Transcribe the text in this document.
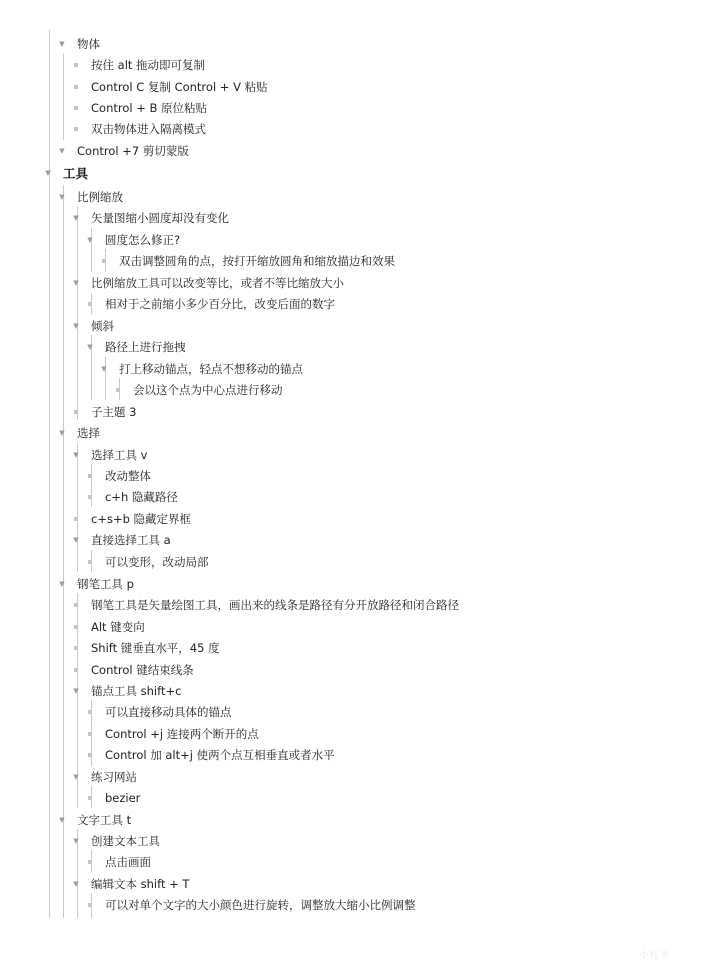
▼ 物体
按住 alt 拖动即可复制
Control C 复制 Control + V 粘贴
Control + B 原位粘贴
双击物体进入隔离模式
▼ Control +7 剪切蒙版
▼ 工具
▼ 比例缩放
▼ 矢量图缩小圆度却没有变化
▼ 圆度怎么修正?
双击调整圆角的点，按打开缩放圆角和缩放描边和效果
▼ 比例缩放工具可以改变等比，或者不等比缩放大小
相对于之前缩小多少百分比，改变后面的数字
▼ 倾斜
▼ 路径上进行拖拽
▼ 打上移动锚点，轻点不想移动的锚点
会以这个点为中心点进行移动
子主题 3
▼ 选择
▼ 选择工具 v
改动整体
c+h 隐藏路径
c+s+b 隐藏定界框
▼ 直接选择工具 a
可以变形，改动局部
▼ 钢笔工具 p
钢笔工具是矢量绘图工具，画出来的线条是路径有分开放路径和闭合路径
Alt 键变向
Shift 键垂直水平，45 度
Control 键结束线条
▼ 锚点工具 shift+c
可以直接移动具体的锚点
Control +j 连接两个断开的点
Control 加 alt+j 使两个点互相垂直或者水平
▼ 练习网站
bezier
▼ 文字工具 t
▼ 创建文本工具
点击画面
▼ 编辑文本 shift + T
可以对单个文字的大小颜色进行旋转，调整放大缩小比例调整
小红书
